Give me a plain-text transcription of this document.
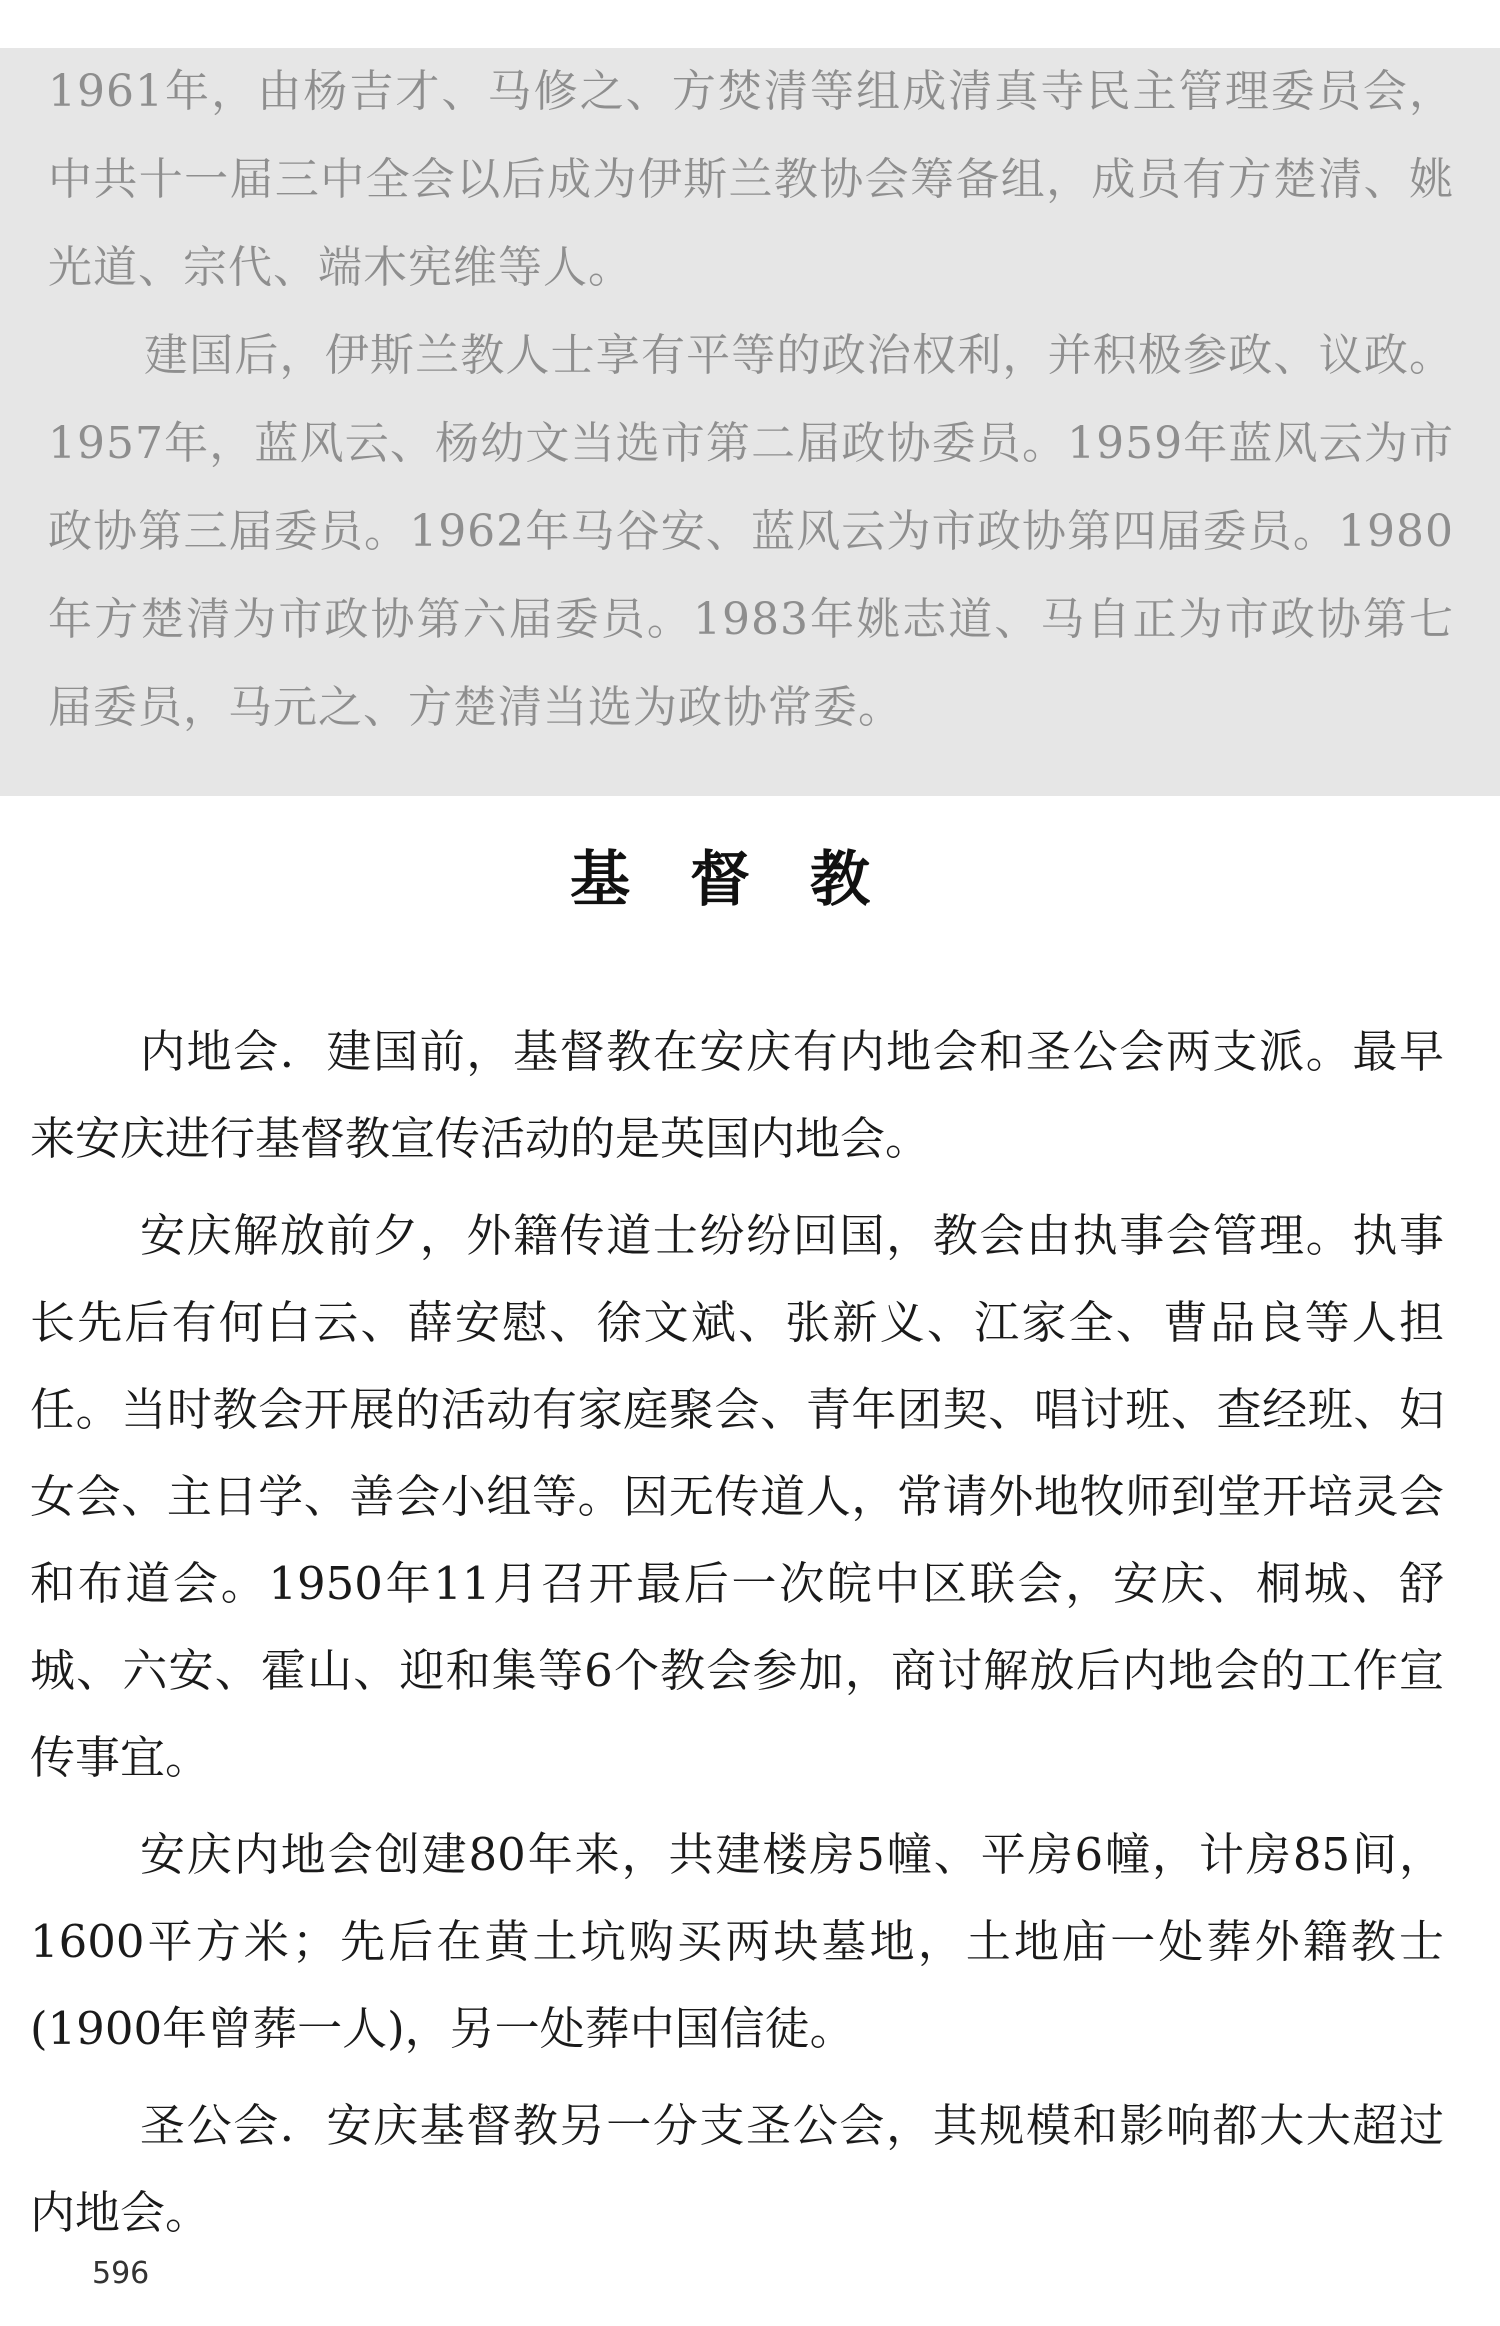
1961年，由杨吉才、马修之、方焚清等组成清真寺民主管理委员会，中共十一届三中全会以后成为伊斯兰教协会筹备组，成员有方楚清、姚光道、宗代、端木宪维等人。

建国后，伊斯兰教人士享有平等的政治权利，并积极参政、议政。1957年，蓝风云、杨幼文当选市第二届政协委员。1959年蓝风云为市政协第三届委员。1962年马谷安、蓝风云为市政协第四届委员。1980年方楚清为市政协第六届委员。1983年姚志道、马自正为市政协第七届委员，马元之、方楚清当选为政协常委。

基督教

内地会．建国前，基督教在安庆有内地会和圣公会两支派。最早来安庆进行基督教宣传活动的是英国内地会。

安庆解放前夕，外籍传道士纷纷回国，教会由执事会管理。执事长先后有何白云、薛安慰、徐文斌、张新义、江家全、曹品良等人担任。当时教会开展的活动有家庭聚会、青年团契、唱讨班、查经班、妇女会、主日学、善会小组等。因无传道人，常请外地牧师到堂开培灵会和布道会。1950年11月召开最后一次皖中区联会，安庆、桐城、舒城、六安、霍山、迎和集等6个教会参加，商讨解放后内地会的工作宣传事宜。

安庆内地会创建80年来，共建楼房5幢、平房6幢，计房85间，1600平方米；先后在黄土坑购买两块墓地，土地庙一处葬外籍教士(1900年曾葬一人)，另一处葬中国信徒。

圣公会．安庆基督教另一分支圣公会，其规模和影响都大大超过内地会。

596
